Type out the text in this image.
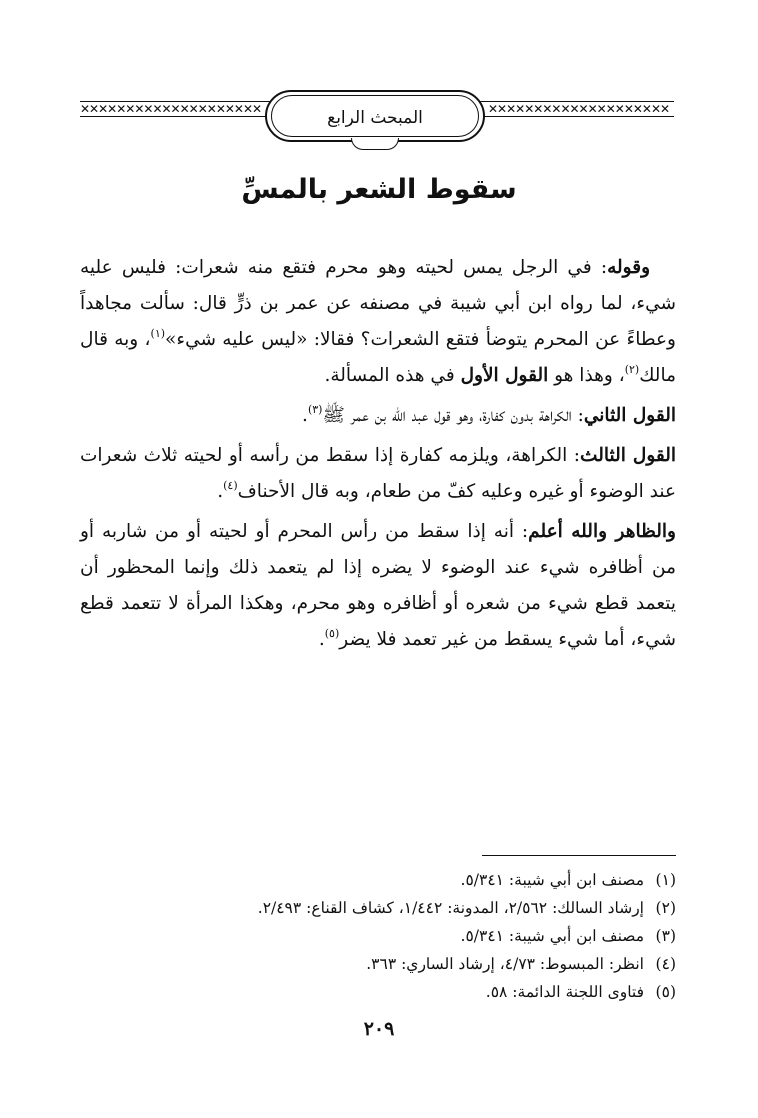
✕✕✕✕✕✕✕✕✕✕✕✕✕✕✕✕✕✕✕✕	✕✕✕✕✕✕✕✕✕✕✕✕✕✕✕✕✕✕✕✕
المبحث الرابع
سقوط الشعر بالمسِّ

وقوله: في الرجل يمس لحيته وهو محرم فتقع منه شعرات: فليس عليه شيء، لما رواه ابن أبي شيبة في مصنفه عن عمر بن ذرٍّ قال: سألت مجاهداً وعطاءً عن المحرم يتوضأ فتقع الشعرات؟ فقالا: «ليس عليه شيء»$^{(١)}$، وبه قال مالك$^{(٢)}$، وهذا هو القول الأول في هذه المسألة.

القول الثاني: الكراهة بدون كفارة، وهو قول عبد الله بن عمر ﷺ$^{(٣)}$.

القول الثالث: الكراهة، ويلزمه كفارة إذا سقط من رأسه أو لحيته ثلاث شعرات عند الوضوء أو غيره وعليه كفّ من طعام، وبه قال الأحناف$^{(٤)}$.

والظاهر والله أعلم: أنه إذا سقط من رأس المحرم أو لحيته أو من شاربه أو من أظافره شيء عند الوضوء لا يضره إذا لم يتعمد ذلك وإنما المحظور أن يتعمد قطع شيء من شعره أو أظافره وهو محرم، وهكذا المرأة لا تتعمد قطع شيء، أما شيء يسقط من غير تعمد فلا يضر$^{(٥)}$.

(١)
مصنف ابن أبي شيبة: ٥/٣٤١.
(٢)
إرشاد السالك: ٢/٥٦٢، المدونة: ١/٤٤٢، كشاف القناع: ٢/٤٩٣.
(٣)
مصنف ابن أبي شيبة: ٥/٣٤١.
(٤)
انظر: المبسوط: ٤/٧٣، إرشاد الساري: ٣٦٣.
(٥)
فتاوى اللجنة الدائمة: ٥٨.
٢٠٩
